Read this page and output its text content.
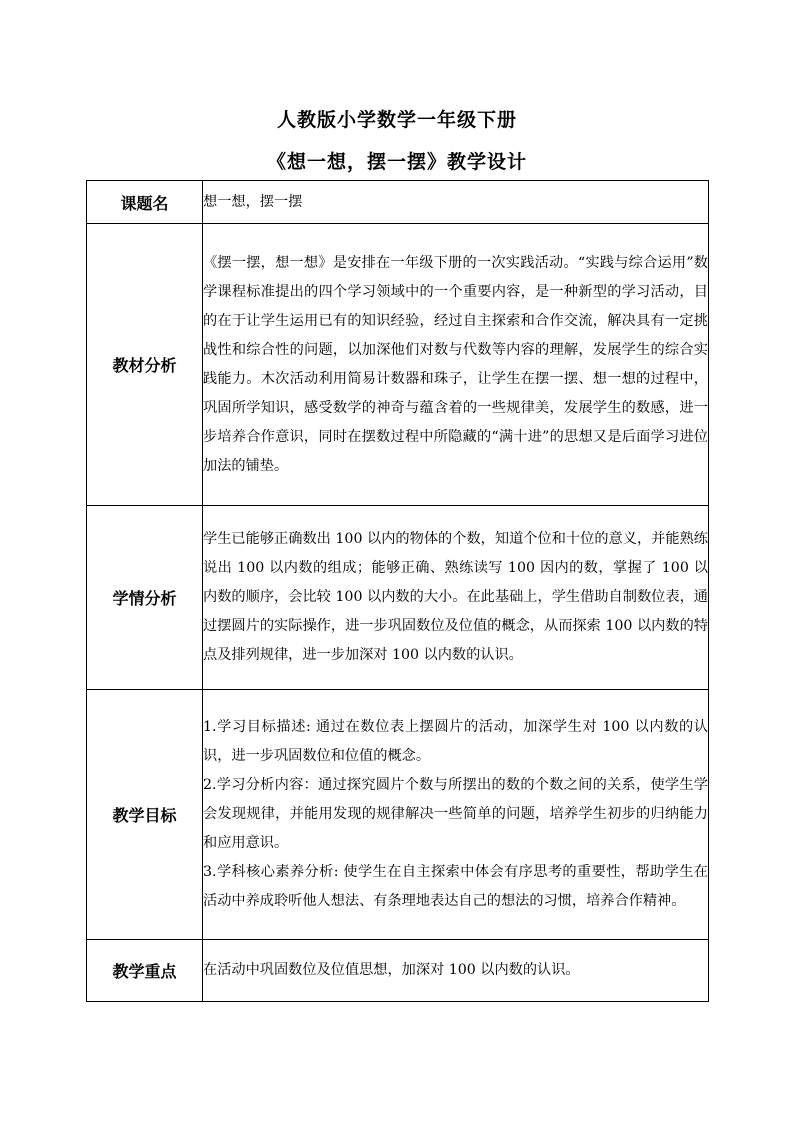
人教版小学数学一年级下册
《想一想，摆一摆》教学设计
课题名	想一想，摆一摆

教材分析	《摆一摆，想一想》是安排在一年级下册的一次实践活动。“实践与综合运用”数学课程标准提出的四个学习领域中的一个重要内容，是一种新型的学习活动，目的在于让学生运用已有的知识经验，经过自主探索和合作交流，解决具有一定挑战性和综合性的问题，以加深他们对数与代数等内容的理解，发展学生的综合实践能力。木次活动利用简易计数器和珠子，让学生在摆一摆、想一想的过程中，巩固所学知识，感受数学的神奇与蕴含着的一些规律美，发展学生的数感，进一步培养合作意识，同时在摆数过程中所隐藏的“满十进”的思想又是后面学习进位加法的铺垫。

学情分析	学生已能够正确数出 100 以内的物体的个数，知道个位和十位的意义，并能熟练说出 100 以内数的组成；能够正确、熟练读写 100 因内的数，掌握了 100 以内数的顺序，会比较 100 以内数的大小。在此基础上，学生借助自制数位表，通过摆圆片的实际操作，进一步巩固数位及位值的概念，从而探索 100 以内数的特点及排列规律，进一步加深对 100 以内数的认识。

教学目标	1.学习目标描述: 通过在数位表上摆圆片的活动，加深学生对 100 以内数的认识，进一步巩固数位和位值的概念。

2.学习分析内容：通过探究圆片个数与所摆出的数的个数之间的关系，使学生学会发现规律，并能用发现的规律解决一些简单的问题，培养学生初步的归纳能力和应用意识。

3.学科核心素养分析: 使学生在自主探索中体会有序思考的重要性，帮助学生在活动中养成聆听他人想法、有条理地表达自己的想法的习惯，培养合作精神。

教学重点	在活动中巩固数位及位值思想，加深对 100 以内数的认识。
